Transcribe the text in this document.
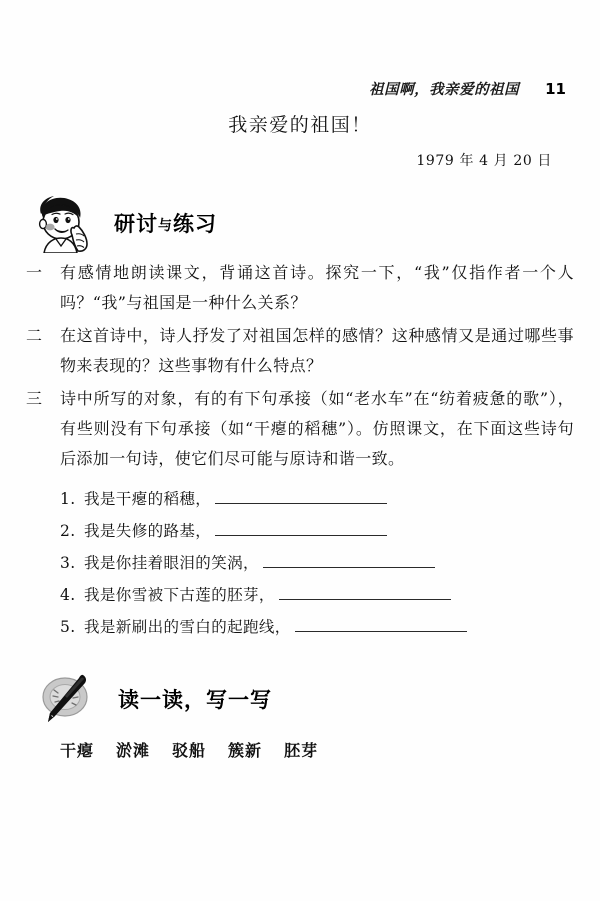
祖国啊，我亲爱的祖国 11
我亲爱的祖国！
1979 年 4 月 20 日
研讨与练习
一	有感情地朗读课文，背诵这首诗。探究一下，“我”仅指作者一个人吗？“我”与祖国是一种什么关系？
二	在这首诗中，诗人抒发了对祖国怎样的感情？这种感情又是通过哪些事物来表现的？这些事物有什么特点？
三	诗中所写的对象，有的有下句承接（如“老水车”在“纺着疲惫的歌”），有些则没有下句承接（如“干瘪的稻穗”）。仿照课文，在下面这些诗句后添加一句诗，使它们尽可能与原诗和谐一致。
1. 我是干瘪的稻穗，
2. 我是失修的路基，
3. 我是你挂着眼泪的笑涡，
4. 我是你雪被下古莲的胚芽，
5. 我是新刷出的雪白的起跑线，
读一读，写一写
干瘪 淤滩 驳船 簇新 胚芽
